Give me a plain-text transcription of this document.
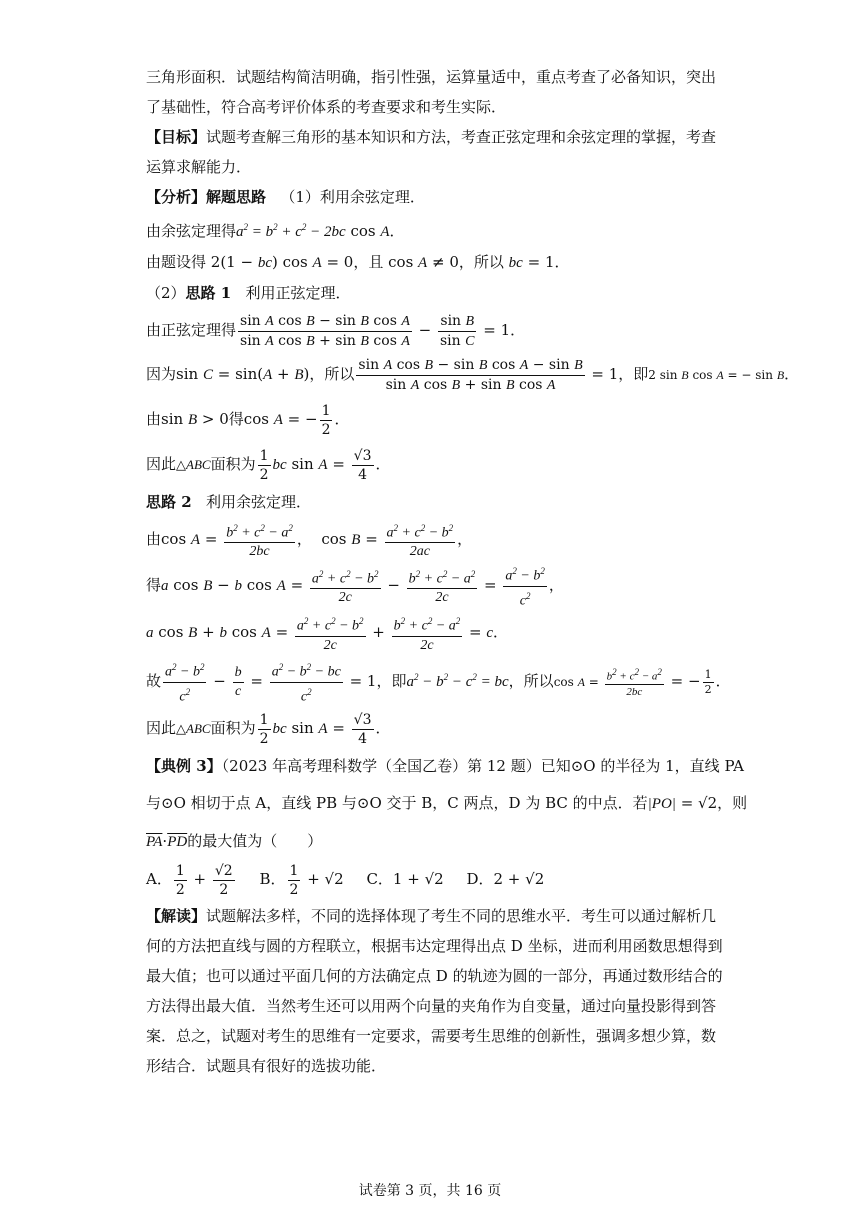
三角形面积．试题结构简洁明确，指引性强，运算量适中，重点考查了必备知识，突出
了基础性，符合高考评价体系的考查要求和考生实际．
【目标】试题考查解三角形的基本知识和方法，考查正弦定理和余弦定理的掌握，考查
运算求解能力．
【分析】解题思路 （1）利用余弦定理．
由余弦定理得$a^2 = b^2 + c^2 - 2bc$ cos A．
由题设得 2(1 − bc) cos A = 0，且 cos A ≠ 0，所以 bc = 1．
（2）思路 1 利用正弦定理．
由正弦定理得 $\frac{\text{sin A cos B − sin B cos A}}{\text{sin A cos B + sin B cos A}} - \frac{\text{sin B}}{\text{sin C}} = 1$．
因为sin C = sin(A + B)，所以 $\frac{\text{sin A cos B − sin B cos A − sin B}}{\text{sin A cos B + sin B cos A}} = 1$，即2 sin B cos A = − sin B．
由sin B > 0得cos A = − $\frac{1}{2}$ ．
因此△ABC面积为 $\frac{1}{2}$ bc $\sin A = \frac{√3}{4}$ ．
思路 2 利用余弦定理．
由$\cos A = \frac{b^2 + c^2 - a^2}{2bc}$ ，  $\cos B = \frac{a^2 + c^2 - b^2}{2ac}$ ，
得a cos B − b $\cos A = \frac{a^2 + c^2 - b^2}{2c} - \frac{b^2 + c^2 - a^2}{2c} = \frac{a^2 - b^2}{c^2}$ ，
a cos B + b $\cos A = \frac{a^2 + c^2 - b^2}{2c} + \frac{b^2 + c^2 - a^2}{2c} = c$．
故 $\frac{a^2 - b^2}{c^2} - \frac{b}{c} = \frac{a^2 - b^2 - bc}{c^2} = 1$，即$a^2 - b^2 - c^2$ = bc，所以$\cos A = \frac{b^2 + c^2 - a^2}{2bc}$ = − $\frac{1}{2}$ ．
因此△ABC面积为 $\frac{1}{2}$ bc $\sin A = \frac{√3}{4}$ ．
【典例 3】（2023 年高考理科数学（全国乙卷）第 12 题）已知⊙O 的半径为 1，直线 PA
与⊙O 相切于点 A，直线 PB 与⊙O 交于 B，C 两点，D 为 BC 的中点．若|PO| = √2，则
$\overline{PA}\cdot\overline{PD}$的最大值为（　　）
A． $\frac{1}{2} + \frac{√2}{2}$ B． $\frac{1}{2} + √2$ C．1 + √2 D．2 + √2
【解读】试题解法多样，不同的选择体现了考生不同的思维水平．考生可以通过解析几
何的方法把直线与圆的方程联立，根据韦达定理得出点 D 坐标，进而利用函数思想得到
最大值；也可以通过平面几何的方法确定点 D 的轨迹为圆的一部分，再通过数形结合的
方法得出最大值．当然考生还可以用两个向量的夹角作为自变量，通过向量投影得到答
案．总之，试题对考生的思维有一定要求，需要考生思维的创新性，强调多想少算，数
形结合．试题具有很好的选拔功能．
试卷第 3 页，共 16 页
